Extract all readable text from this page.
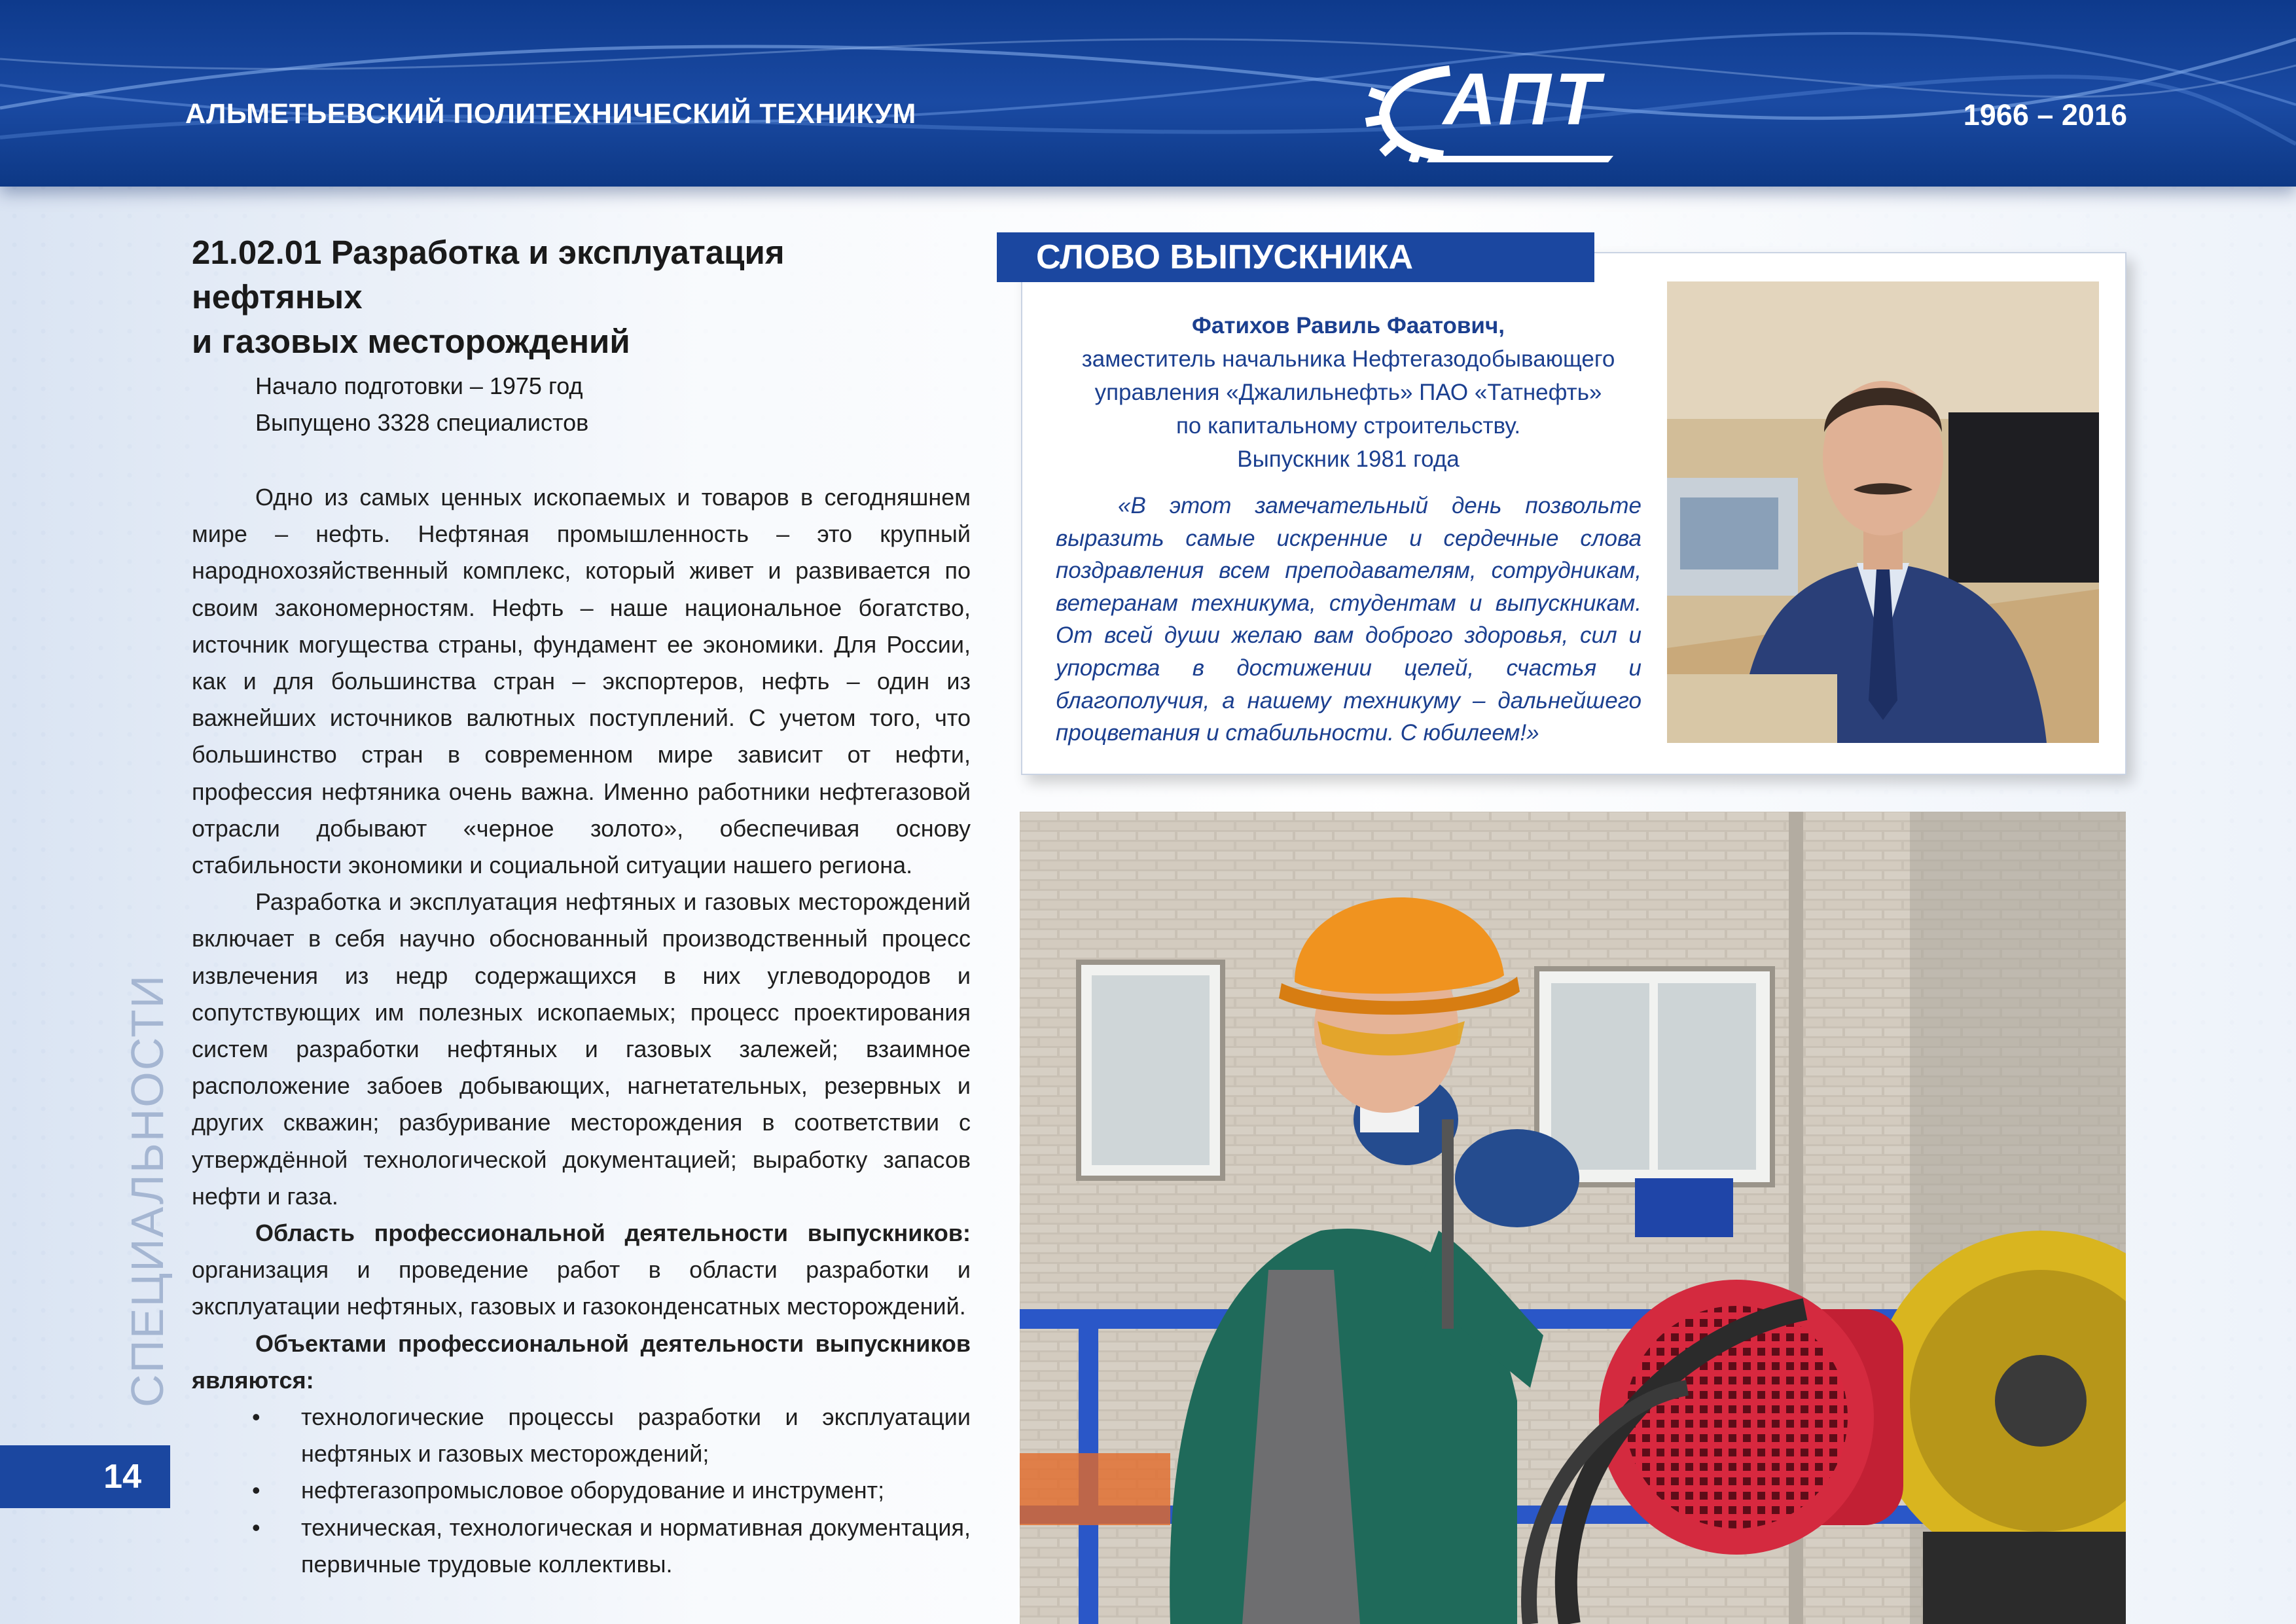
АЛЬМЕТЬЕВСКИЙ ПОЛИТЕХНИЧЕСКИЙ ТЕХНИКУМ	АПТ	1966 – 2016
СПЕЦИАЛЬНОСТИ
14
21.02.01 Разработка и эксплуатация нефтяных
и газовых месторождений
Начало подготовки – 1975 год
Выпущено 3328 специалистов

Одно из самых ценных ископаемых и товаров в сегодняшнем мире – нефть. Нефтяная промышленность – это крупный народнохозяйственный комплекс, который живет и развивается по своим закономерностям. Нефть – наше национальное богатство, источник могущества страны, фундамент ее экономики. Для России, как и для большинства стран – экспортеров, нефть – один из важнейших источников валютных поступлений. С учетом того, что большинство стран в современном мире зависит от нефти, профессия нефтяника очень важна. Именно работники нефтегазовой отрасли добывают «черное золото», обеспечивая основу стабильности экономики и социальной ситуации нашего региона.

Разработка и эксплуатация нефтяных и газовых месторождений включает в себя научно обоснованный производственный процесс извлечения из недр содержащихся в них углеводородов и сопутствующих им полезных ископаемых; процесс проектирования систем разработки нефтяных и газовых залежей; взаимное расположение забоев добывающих, нагнетательных, резервных и других скважин; разбуривание месторождения в соответствии с утверждённой технологической документацией; выработку запасов нефти и газа.

Область профессиональной деятельности выпускников: организация и проведение работ в области разработки и эксплуатации нефтяных, газовых и газоконденсатных месторождений.

Объектами профессиональной деятельности выпускников являются:

• технологические процессы разработки и эксплуатации нефтяных и газовых месторождений;
• нефтегазопромысловое оборудование и инструмент;
• техническая, технологическая и нормативная документация, первичные трудовые коллективы.
СЛОВО ВЫПУСКНИКА
Фатихов Равиль Фаатович,
заместитель начальника Нефтегазодобывающего
управления «Джалильнефть» ПАО «Татнефть»
по капитальному строительству.
Выпускник 1981 года
«В этот замечательный день позвольте выразить самые искренние и сердечные слова поздравления всем преподавателям, сотрудникам, ветеранам техникума, студентам и выпускникам. От всей души желаю вам доброго здоровья, сил и упорства в достижении целей, счастья и благополучия, а нашему техникуму – дальнейшего процветания и стабильности. С юбилеем!»
